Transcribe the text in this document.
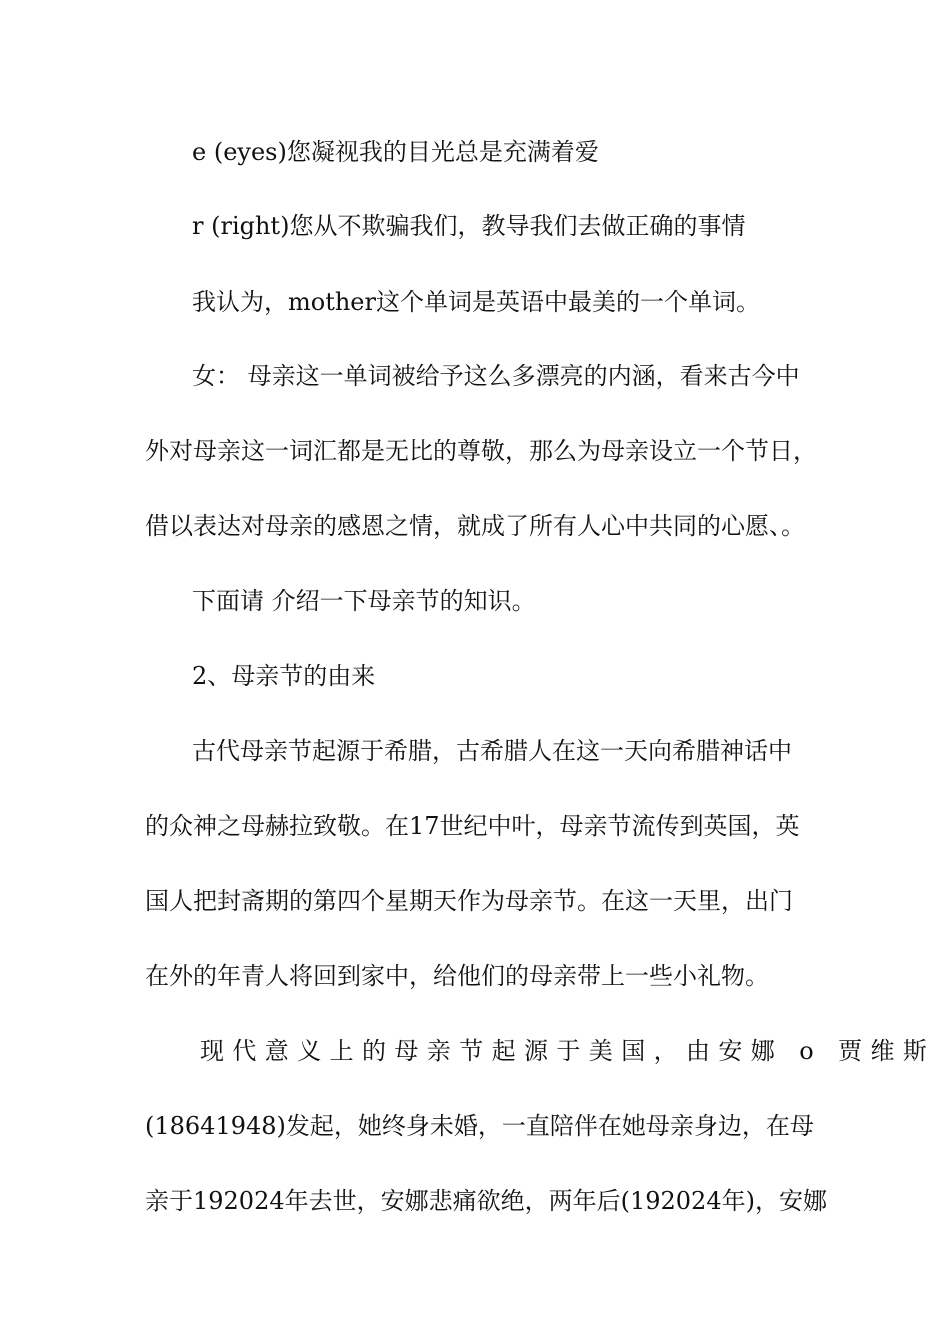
e (eyes)您凝视我的目光总是充满着爱
r (right)您从不欺骗我们，教导我们去做正确的事情
我认为，mother这个单词是英语中最美的一个单词。
女： 母亲这一单词被给予这么多漂亮的内涵，看来古今中
外对母亲这一词汇都是无比的尊敬，那么为母亲设立一个节日，
借以表达对母亲的感恩之情，就成了所有人心中共同的心愿、。
下面请 介绍一下母亲节的知识。
2、母亲节的由来
古代母亲节起源于希腊，古希腊人在这一天向希腊神话中
的众神之母赫拉致敬。在17世纪中叶，母亲节流传到英国，英
国人把封斋期的第四个星期天作为母亲节。在这一天里，出门
在外的年青人将回到家中，给他们的母亲带上一些小礼物。
现代意义上的母亲节起源于美国，由安娜 o 贾维斯
(18641948)发起，她终身未婚，一直陪伴在她母亲身边，在母
亲于192024年去世，安娜悲痛欲绝，两年后(192024年)，安娜
